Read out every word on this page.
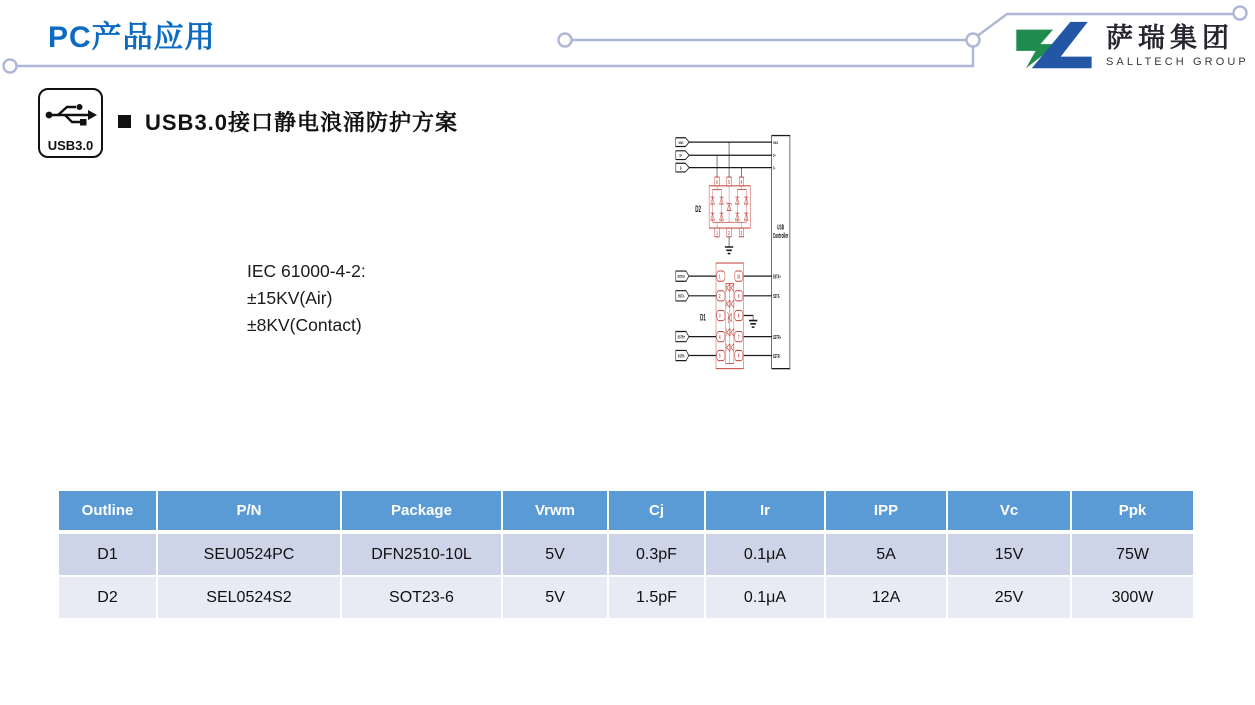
PC产品应用	萨瑞集团
SALLTECH GROUP
USB3.0
USB3.0接口静电浪涌防护方案
IEC 61000-4-2:
±15KV(Air)
±8KV(Contact)
VBUS
D+
D-
SSTX+
SSTX-
SSTR+
SSTR-
VBUS
D+
D-
USB
Controller
SSTX+
SSTX-
SSTR+
SSTR-
6 5 4
1 2 3
D2
1
2
3
4
5
10
9
8
7
6
D1
Outline	P/N	Package	Vrwm	Cj	Ir	IPP	Vc	Ppk
D1	SEU0524PC	DFN2510-10L	5V	0.3pF	0.1μA	5A	15V	75W
D2	SEL0524S2	SOT23-6	5V	1.5pF	0.1μA	12A	25V	300W
